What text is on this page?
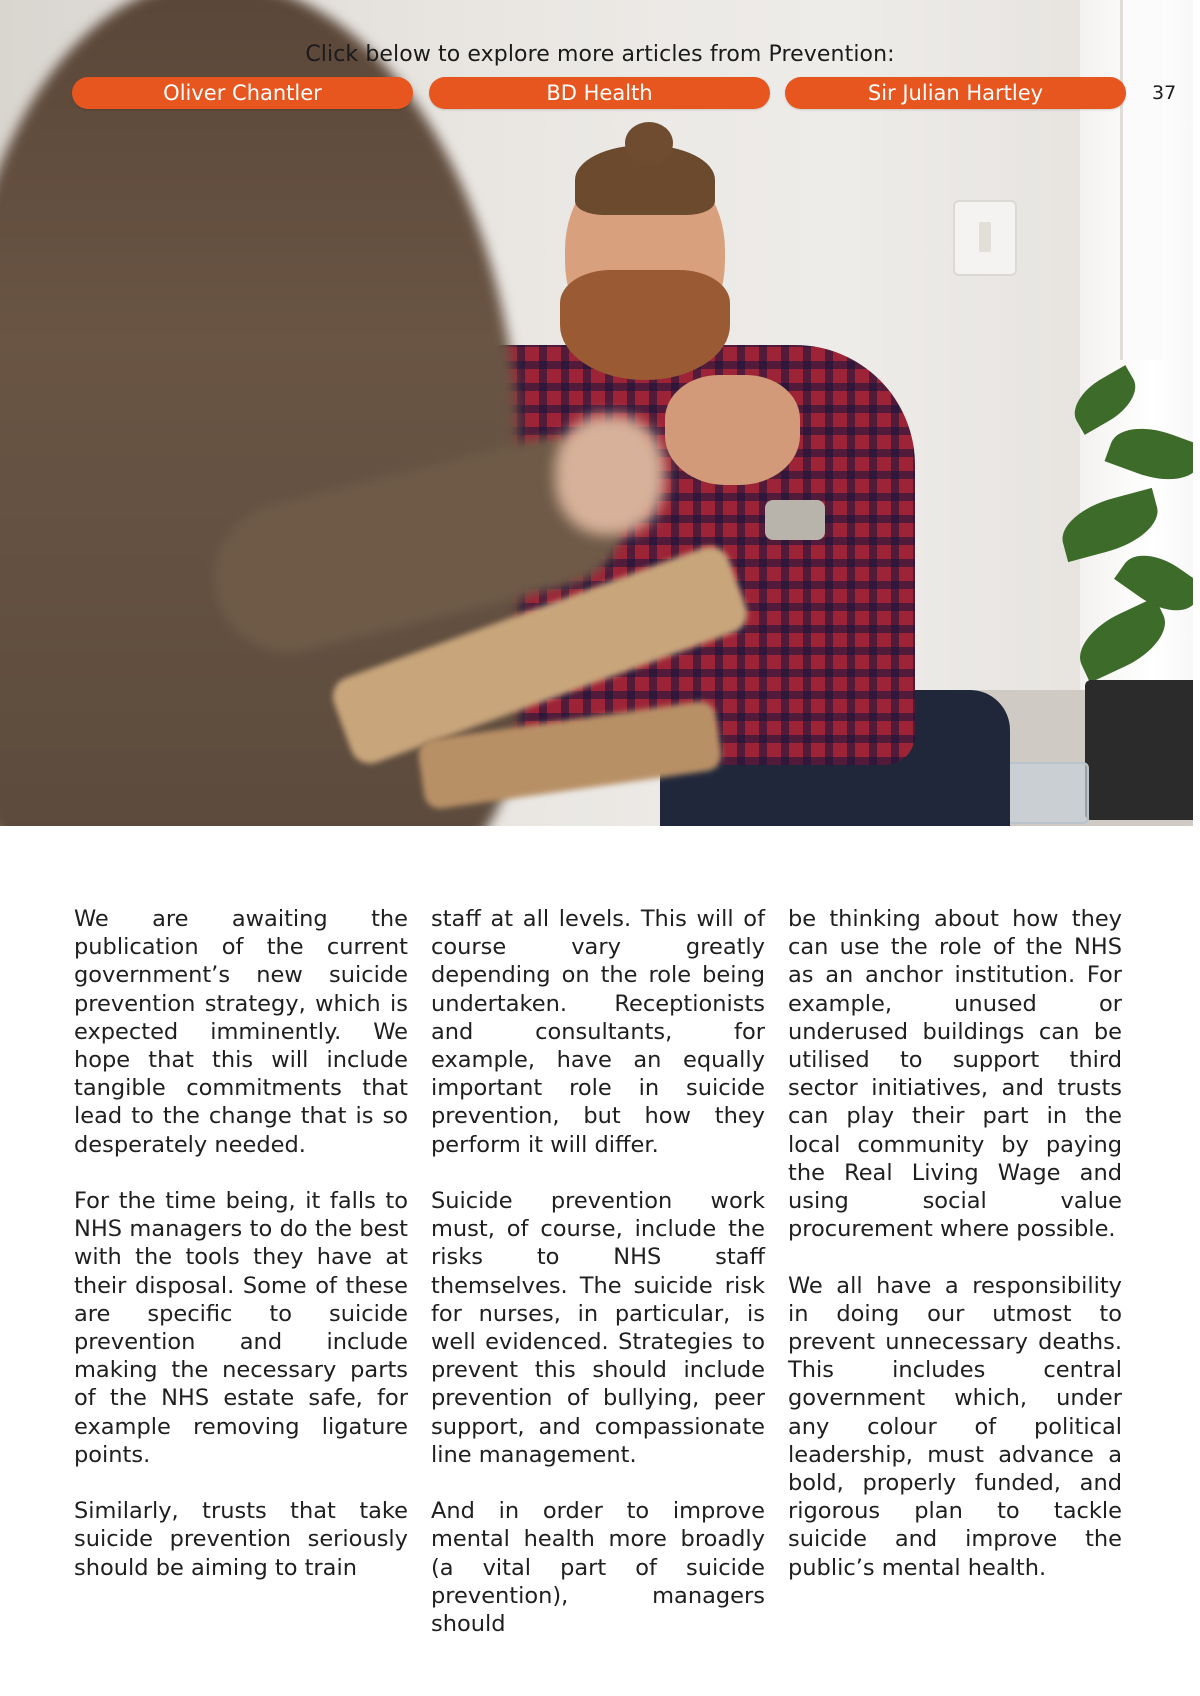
Click below to explore more articles from Prevention:
Oliver Chantler	BD Health	Sir Julian Hartley	37

We are awaiting the publication of the current government’s new suicide prevention strategy, which is expected imminently. We hope that this will include tangible commitments that lead to the change that is so desperately needed.

For the time being, it falls to NHS managers to do the best with the tools they have at their disposal. Some of these are specific to suicide prevention and include making the necessary parts of the NHS estate safe, for example removing ligature points.

Similarly, trusts that take suicide prevention seriously should be aiming to train

staff at all levels. This will of course vary greatly depending on the role being undertaken. Receptionists and consultants, for example, have an equally important role in suicide prevention, but how they perform it will differ.

Suicide prevention work must, of course, include the risks to NHS staff themselves. The suicide risk for nurses, in particular, is well evidenced. Strategies to prevent this should include prevention of bullying, peer support, and compassionate line management.

And in order to improve mental health more broadly (a vital part of suicide prevention), managers should

be thinking about how they can use the role of the NHS as an anchor institution. For example, unused or underused buildings can be utilised to support third sector initiatives, and trusts can play their part in the local community by paying the Real Living Wage and using social value procurement where possible.

We all have a responsibility in doing our utmost to prevent unnecessary deaths. This includes central government which, under any colour of political leadership, must advance a bold, properly funded, and rigorous plan to tackle suicide and improve the public’s mental health.
